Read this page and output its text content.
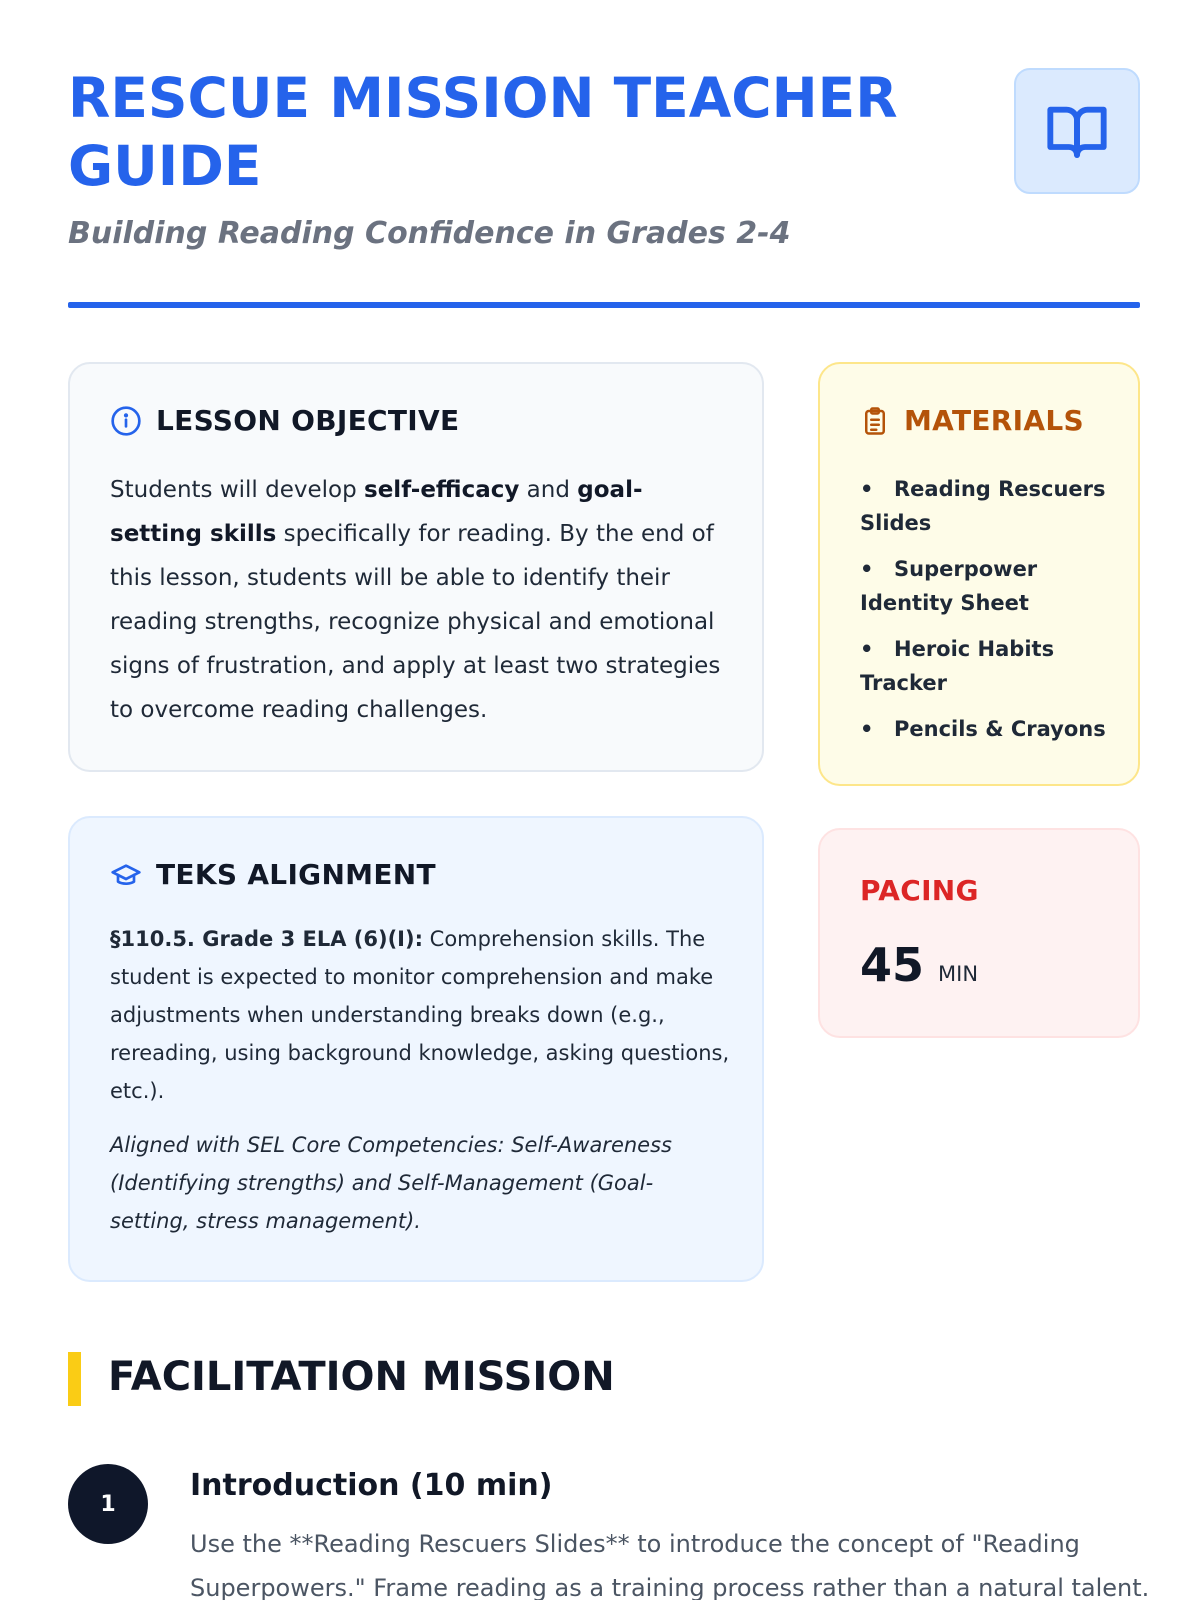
RESCUE MISSION TEACHER GUIDE
Building Reading Confidence in Grades 2-4
LESSON OBJECTIVE

Students will develop self-efficacy and goal-setting skills specifically for reading. By the end of this lesson, students will be able to identify their reading strengths, recognize physical and emotional signs of frustration, and apply at least two strategies to overcome reading challenges.

MATERIALS
• Reading Rescuers Slides
• Superpower Identity Sheet
• Heroic Habits Tracker
• Pencils & Crayons
TEKS ALIGNMENT

§110.5. Grade 3 ELA (6)(I): Comprehension skills. The student is expected to monitor comprehension and make adjustments when understanding breaks down (e.g., rereading, using background knowledge, asking questions, etc.).

Aligned with SEL Core Competencies: Self-Awareness (Identifying strengths) and Self-Management (Goal-setting, stress management).

PACING
45 MIN
FACILITATION MISSION
1
Introduction (10 min)

Use the **Reading Rescuers Slides** to introduce the concept of "Reading Superpowers." Frame reading as a training process rather than a natural talent.
